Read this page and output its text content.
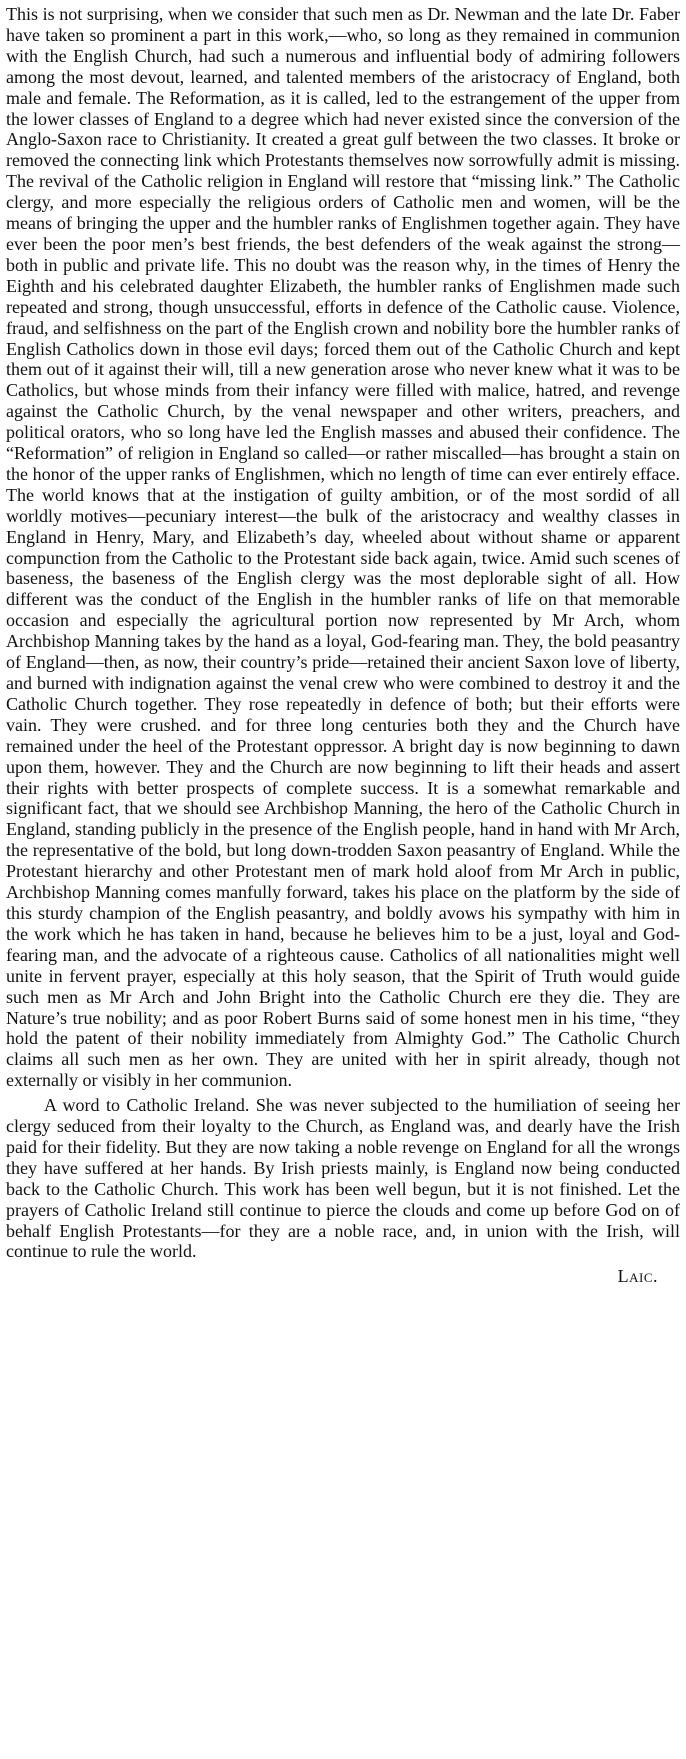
This is not surprising, when we consider that such men as Dr. Newman and the late Dr. Faber have taken so prominent a part in this work,—who, so long as they remained in communion with the English Church, had such a numerous and influential body of admiring followers among the most devout, learned, and talented members of the aristocracy of England, both male and female. The Reformation, as it is called, led to the estrangement of the upper from the lower classes of England to a degree which had never existed since the conversion of the Anglo-Saxon race to Christianity. It created a great gulf between the two classes. It broke or removed the connecting link which Protestants themselves now sorrowfully admit is missing. The revival of the Catholic religion in England will restore that “missing link.” The Catholic clergy, and more especially the religious orders of Catholic men and women, will be the means of bringing the upper and the humbler ranks of Englishmen together again. They have ever been the poor men’s best friends, the best defenders of the weak against the strong—both in public and private life. This no doubt was the reason why, in the times of Henry the Eighth and his celebrated daughter Elizabeth, the humbler ranks of Englishmen made such repeated and strong, though unsuccessful, efforts in defence of the Catholic cause. Violence, fraud, and selfishness on the part of the English crown and nobility bore the humbler ranks of English Catholics down in those evil days; forced them out of the Catholic Church and kept them out of it against their will, till a new generation arose who never knew what it was to be Catholics, but whose minds from their infancy were filled with malice, hatred, and revenge against the Catholic Church, by the venal newspaper and other writers, preachers, and political orators, who so long have led the English masses and abused their confidence. The “Reformation” of religion in England so called—or rather miscalled—has brought a stain on the honor of the upper ranks of Englishmen, which no length of time can ever entirely efface. The world knows that at the instigation of guilty ambition, or of the most sordid of all worldly motives—pecuniary interest—the bulk of the aristocracy and wealthy classes in England in Henry, Mary, and Elizabeth’s day, wheeled about without shame or apparent compunction from the Catholic to the Protestant side back again, twice. Amid such scenes of baseness, the baseness of the English clergy was the most deplorable sight of all. How different was the conduct of the English in the humbler ranks of life on that memorable occasion and especially the agricultural portion now represented by Mr Arch, whom Archbishop Manning takes by the hand as a loyal, God-fearing man. They, the bold peasantry of England—then, as now, their country’s pride—retained their ancient Saxon love of liberty, and burned with indignation against the venal crew who were combined to destroy it and the Catholic Church together. They rose repeatedly in defence of both; but their efforts were vain. They were crushed. and for three long centuries both they and the Church have remained under the heel of the Protestant oppressor. A bright day is now beginning to dawn upon them, however. They and the Church are now beginning to lift their heads and assert their rights with better prospects of complete success. It is a somewhat remarkable and significant fact, that we should see Archbishop Manning, the hero of the Catholic Church in England, standing publicly in the presence of the English people, hand in hand with Mr Arch, the representative of the bold, but long down-trodden Saxon peasantry of England. While the Protestant hierarchy and other Protestant men of mark hold aloof from Mr Arch in public, Archbishop Manning comes manfully forward, takes his place on the platform by the side of this sturdy champion of the English peasantry, and boldly avows his sympathy with him in the work which he has taken in hand, because he believes him to be a just, loyal and God-fearing man, and the advocate of a righteous cause. Catholics of all nationalities might well unite in fervent prayer, especially at this holy season, that the Spirit of Truth would guide such men as Mr Arch and John Bright into the Catholic Church ere they die. They are Nature’s true nobility; and as poor Robert Burns said of some honest men in his time, “they hold the patent of their nobility immediately from Almighty God.” The Catholic Church claims all such men as her own. They are united with her in spirit already, though not externally or visibly in her communion.

A word to Catholic Ireland. She was never subjected to the humiliation of seeing her clergy seduced from their loyalty to the Church, as England was, and dearly have the Irish paid for their fidelity. But they are now taking a noble revenge on England for all the wrongs they have suffered at her hands. By Irish priests mainly, is England now being conducted back to the Catholic Church. This work has been well begun, but it is not finished. Let the prayers of Catholic Ireland still continue to pierce the clouds and come up before God on of behalf English Protestants—for they are a noble race, and, in union with the Irish, will continue to rule the world.

Laic.
